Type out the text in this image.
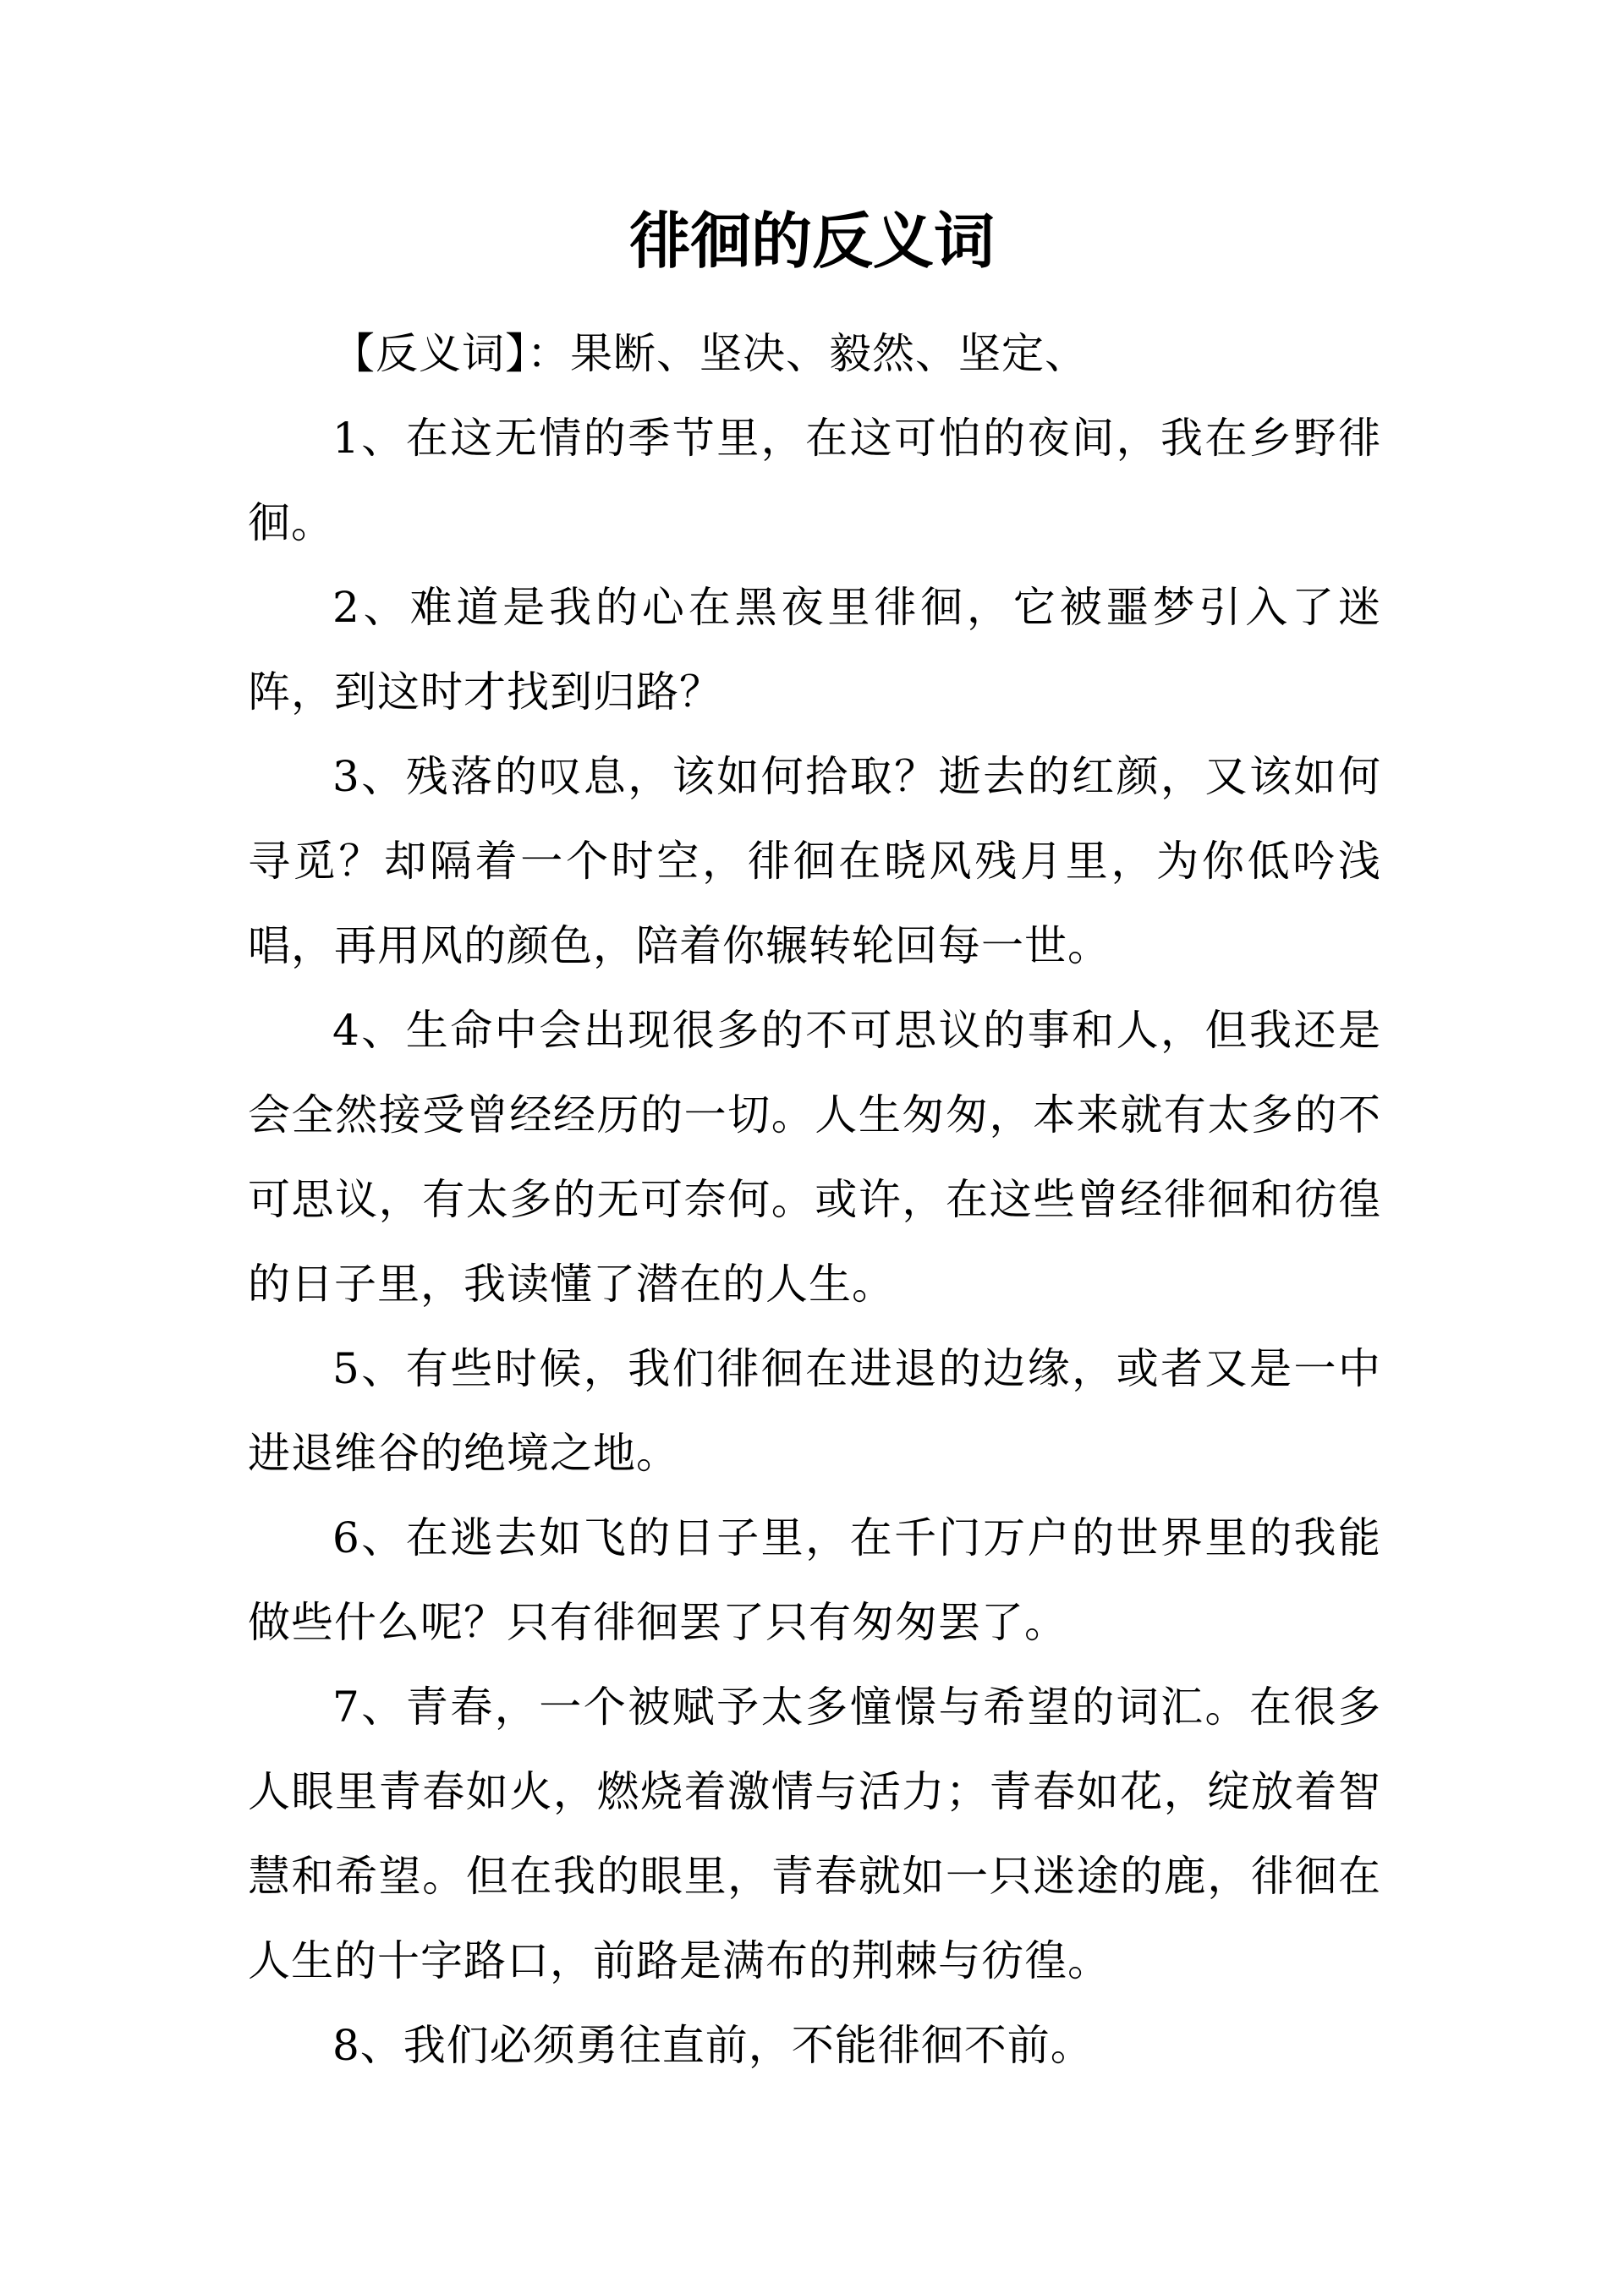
徘徊的反义词

【反义词】：果断、坚决、毅然、坚定、

1、在这无情的季节里，在这可怕的夜间，我在乡野徘徊。

2、难道是我的心在黑夜里徘徊，它被噩梦引入了迷阵，到这时才找到归路？

3、残落的叹息，该如何拾取？逝去的红颜，又该如何寻觅？却隔着一个时空，徘徊在晓风残月里，为你低吟浅唱，再用风的颜色，陪着你辗转轮回每一世。

4、生命中会出现很多的不可思议的事和人，但我还是会全然接受曾经经历的一切。人生匆匆，本来就有太多的不可思议，有太多的无可奈何。或许，在这些曾经徘徊和彷徨的日子里，我读懂了潜在的人生。

5、有些时候，我们徘徊在进退的边缘，或者又是一中进退维谷的绝境之地。

6、在逃去如飞的日子里，在千门万户的世界里的我能做些什么呢？只有徘徊罢了只有匆匆罢了。

7、青春，一个被赋予太多憧憬与希望的词汇。在很多人眼里青春如火，燃烧着激情与活力；青春如花，绽放着智慧和希望。但在我的眼里，青春就如一只迷途的鹿，徘徊在人生的十字路口，前路是满布的荆棘与彷徨。

8、我们必须勇往直前，不能徘徊不前。
